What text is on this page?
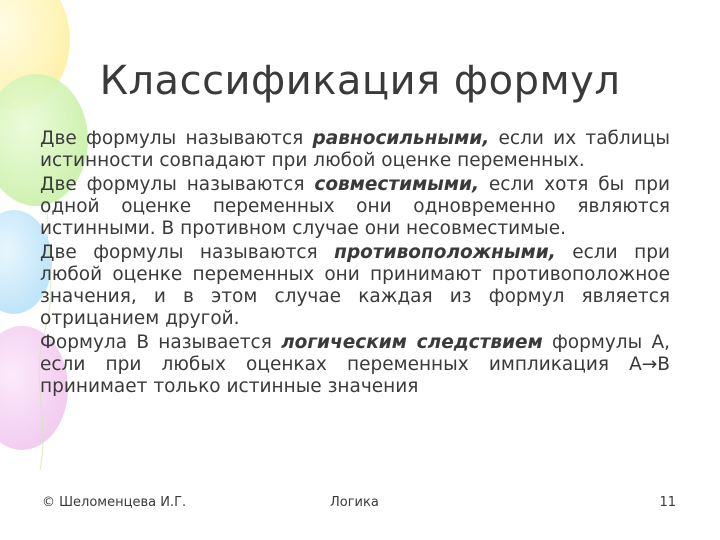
Классификация формул

Две формулы называются равносильными, если их таблицы истинности совпадают при любой оценке переменных.

Две формулы называются совместимыми, если хотя бы при одной оценке переменных они одновременно являются истинными. В противном случае они несовместимые.

Две формулы называются противоположными, если при любой оценке переменных они принимают противоположное значения, и в этом случае каждая из формул является отрицанием другой.

Формула В называется логическим следствием формулы А, если при любых оценках переменных импликация А→В принимает только истинные значения

© Шеломенцева И.Г.	Логика	11
